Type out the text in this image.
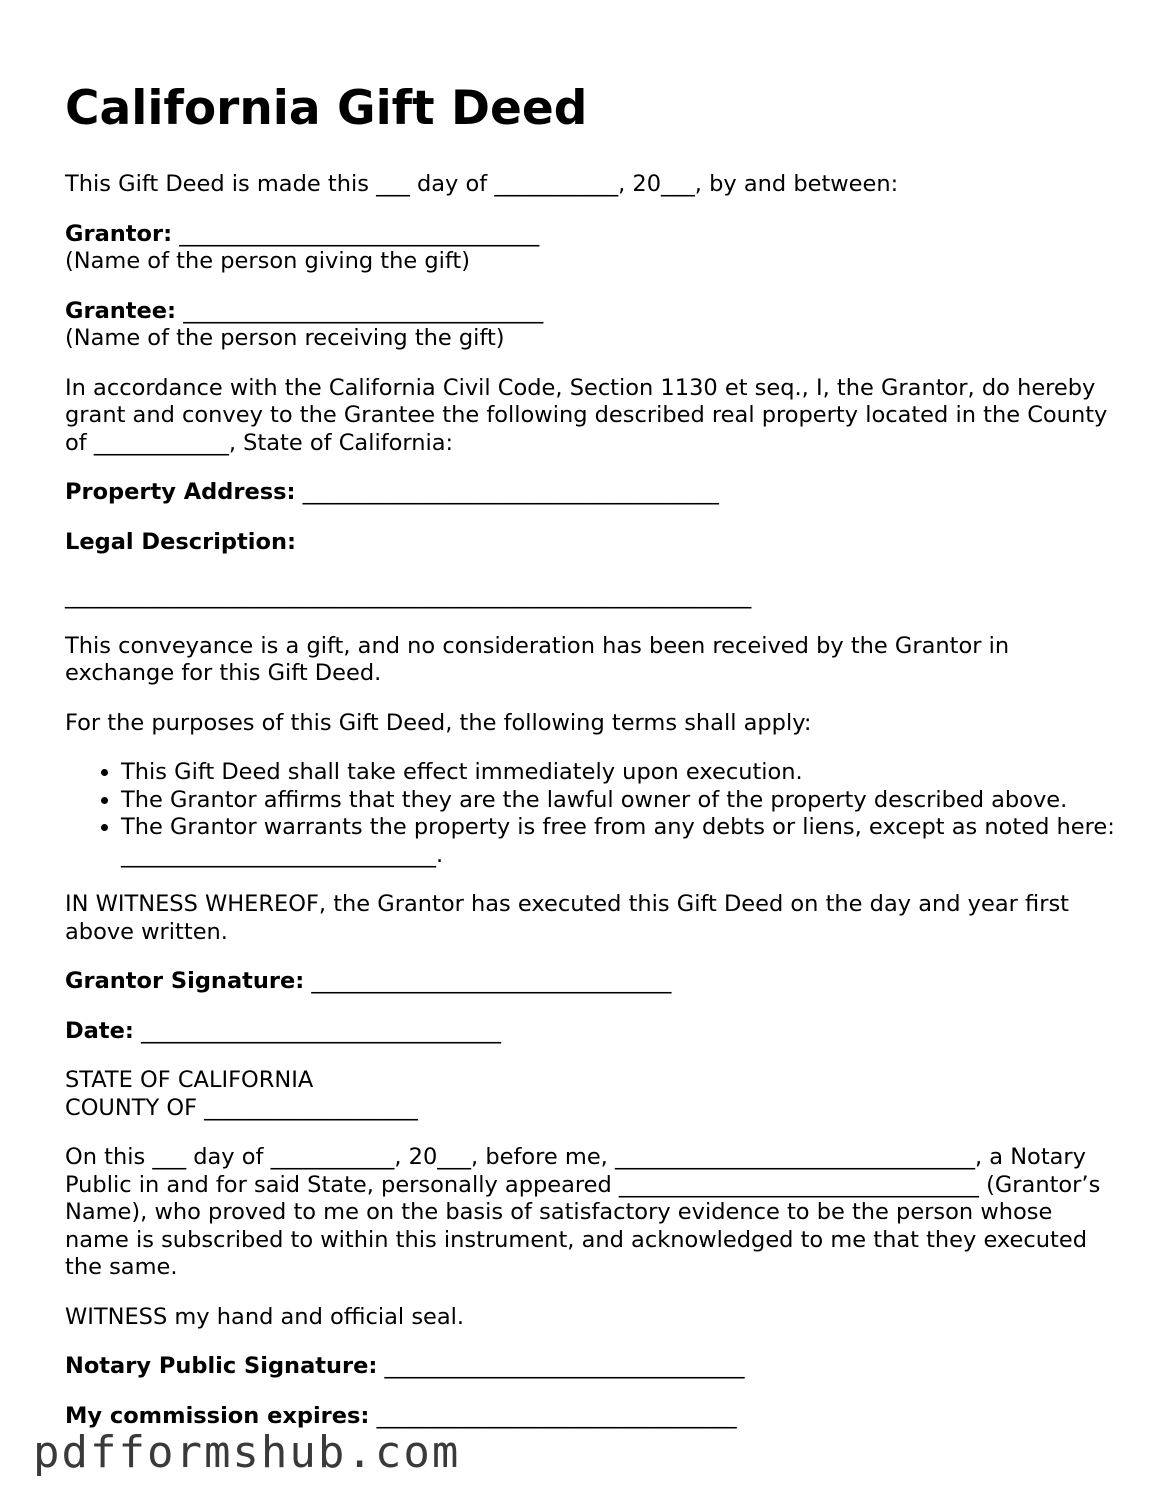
California Gift Deed

This Gift Deed is made this ___ day of ___________, 20___, by and between:

Grantor: ________________________________
(Name of the person giving the gift)

Grantee: ________________________________
(Name of the person receiving the gift)

In accordance with the California Civil Code, Section 1130 et seq., I, the Grantor, do hereby grant and convey to the Grantee the following described real property located in the County of ____________, State of California:

Property Address: _____________________________________

Legal Description:

_____________________________________________________________

This conveyance is a gift, and no consideration has been received by the Grantor in exchange for this Gift Deed.

For the purposes of this Gift Deed, the following terms shall apply:

• This Gift Deed shall take effect immediately upon execution.
• The Grantor affirms that they are the lawful owner of the property described above.
• The Grantor warrants the property is free from any debts or liens, except as noted here: ____________________________.

IN WITNESS WHEREOF, the Grantor has executed this Gift Deed on the day and year first above written.

Grantor Signature: ________________________________

Date: ________________________________

STATE OF CALIFORNIA
COUNTY OF ___________________

On this ___ day of ___________, 20___, before me, ________________________________, a Notary Public in and for said State, personally appeared ________________________________ (Grantor’s Name), who proved to me on the basis of satisfactory evidence to be the person whose name is subscribed to within this instrument, and acknowledged to me that they executed the same.

WITNESS my hand and official seal.

Notary Public Signature: ________________________________

My commission expires: ________________________________

pdfformshub.com
